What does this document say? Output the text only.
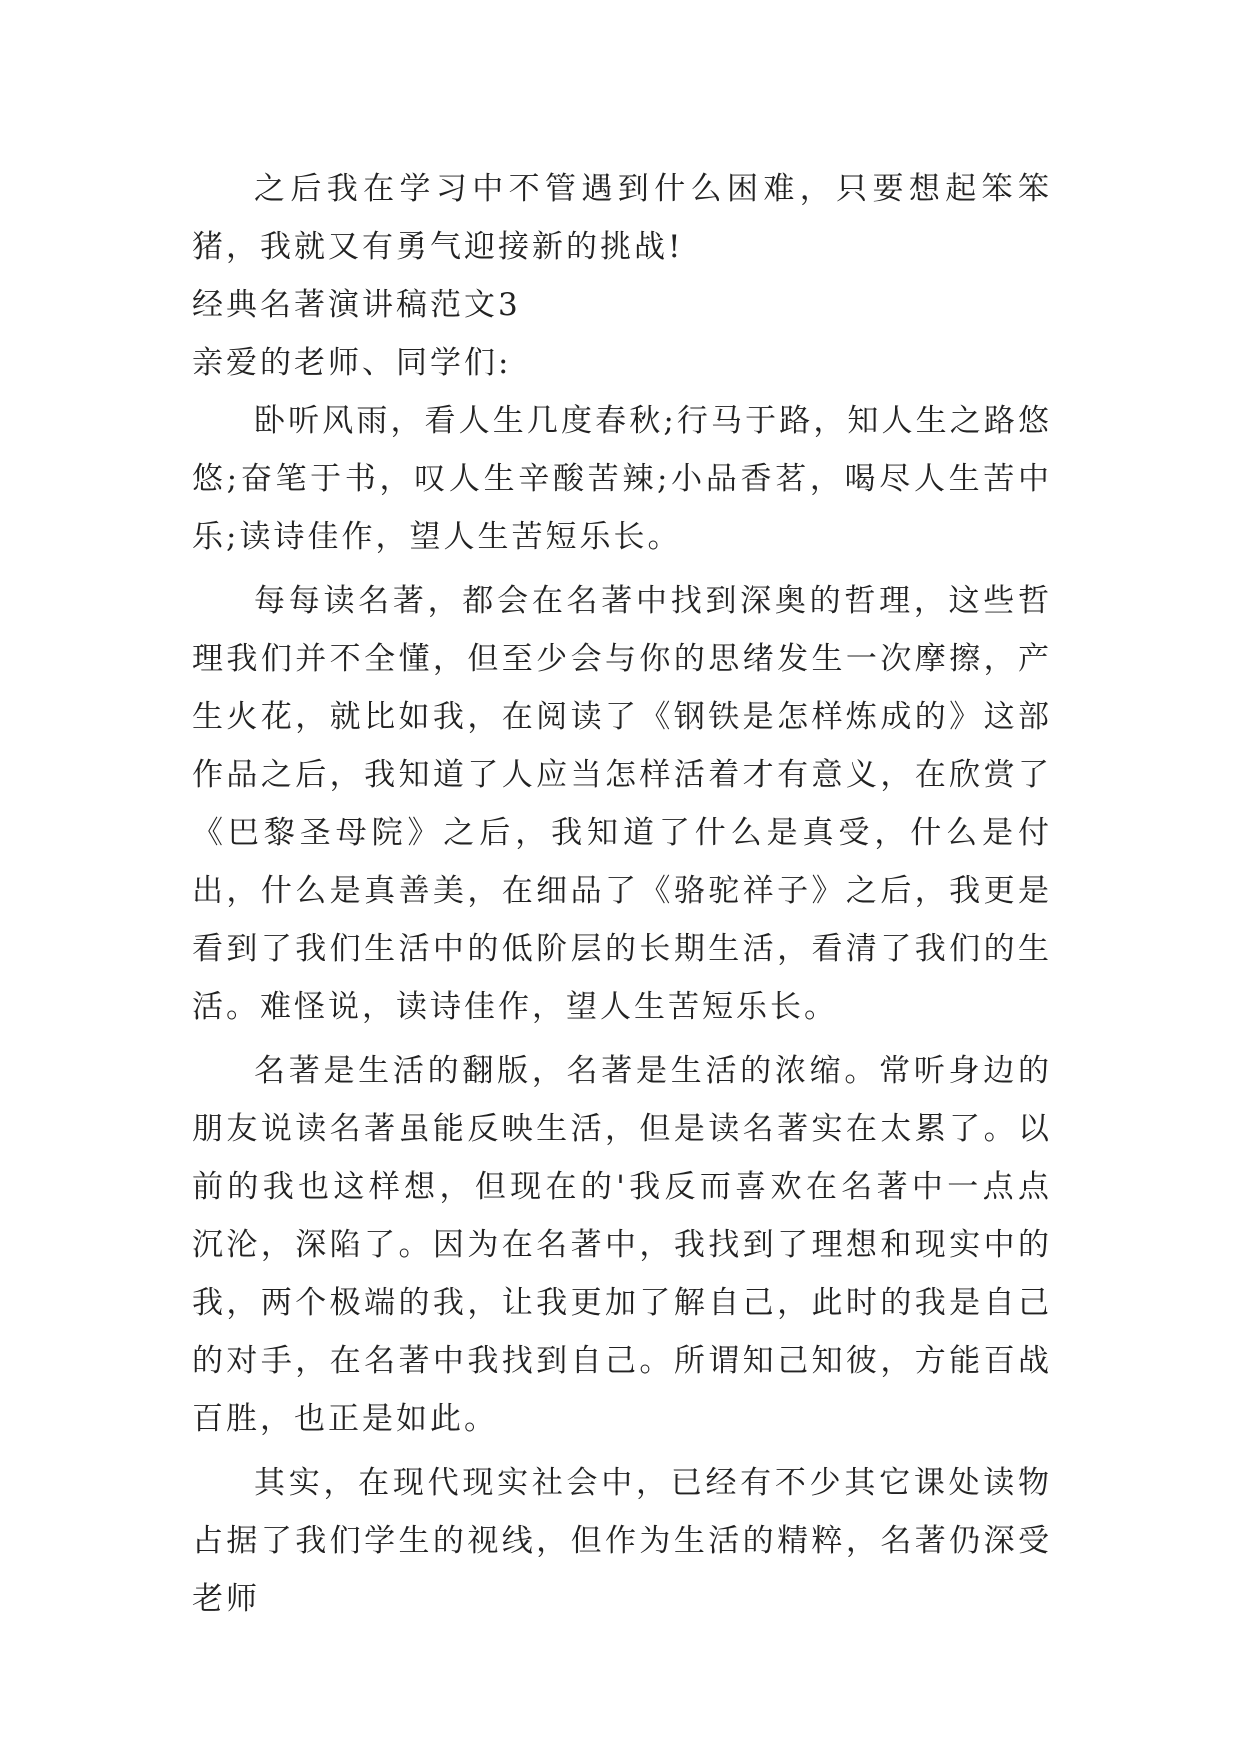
之后我在学习中不管遇到什么困难，只要想起笨笨猪，我就又有勇气迎接新的挑战!

经典名著演讲稿范文3

亲爱的老师、同学们:

卧听风雨，看人生几度春秋;行马于路，知人生之路悠悠;奋笔于书，叹人生辛酸苦辣;小品香茗，喝尽人生苦中乐;读诗佳作，望人生苦短乐长。

每每读名著，都会在名著中找到深奥的哲理，这些哲理我们并不全懂，但至少会与你的思绪发生一次摩擦，产生火花，就比如我，在阅读了《钢铁是怎样炼成的》这部作品之后，我知道了人应当怎样活着才有意义，在欣赏了《巴黎圣母院》之后，我知道了什么是真受，什么是付出，什么是真善美，在细品了《骆驼祥子》之后，我更是看到了我们生活中的低阶层的长期生活，看清了我们的生活。难怪说，读诗佳作，望人生苦短乐长。

名著是生活的翻版，名著是生活的浓缩。常听身边的朋友说读名著虽能反映生活，但是读名著实在太累了。以前的我也这样想，但现在的'我反而喜欢在名著中一点点沉沦，深陷了。因为在名著中，我找到了理想和现实中的我，两个极端的我，让我更加了解自己，此时的我是自己的对手，在名著中我找到自己。所谓知己知彼，方能百战百胜，也正是如此。

其实，在现代现实社会中，已经有不少其它课处读物占据了我们学生的视线，但作为生活的精粹，名著仍深受老师
